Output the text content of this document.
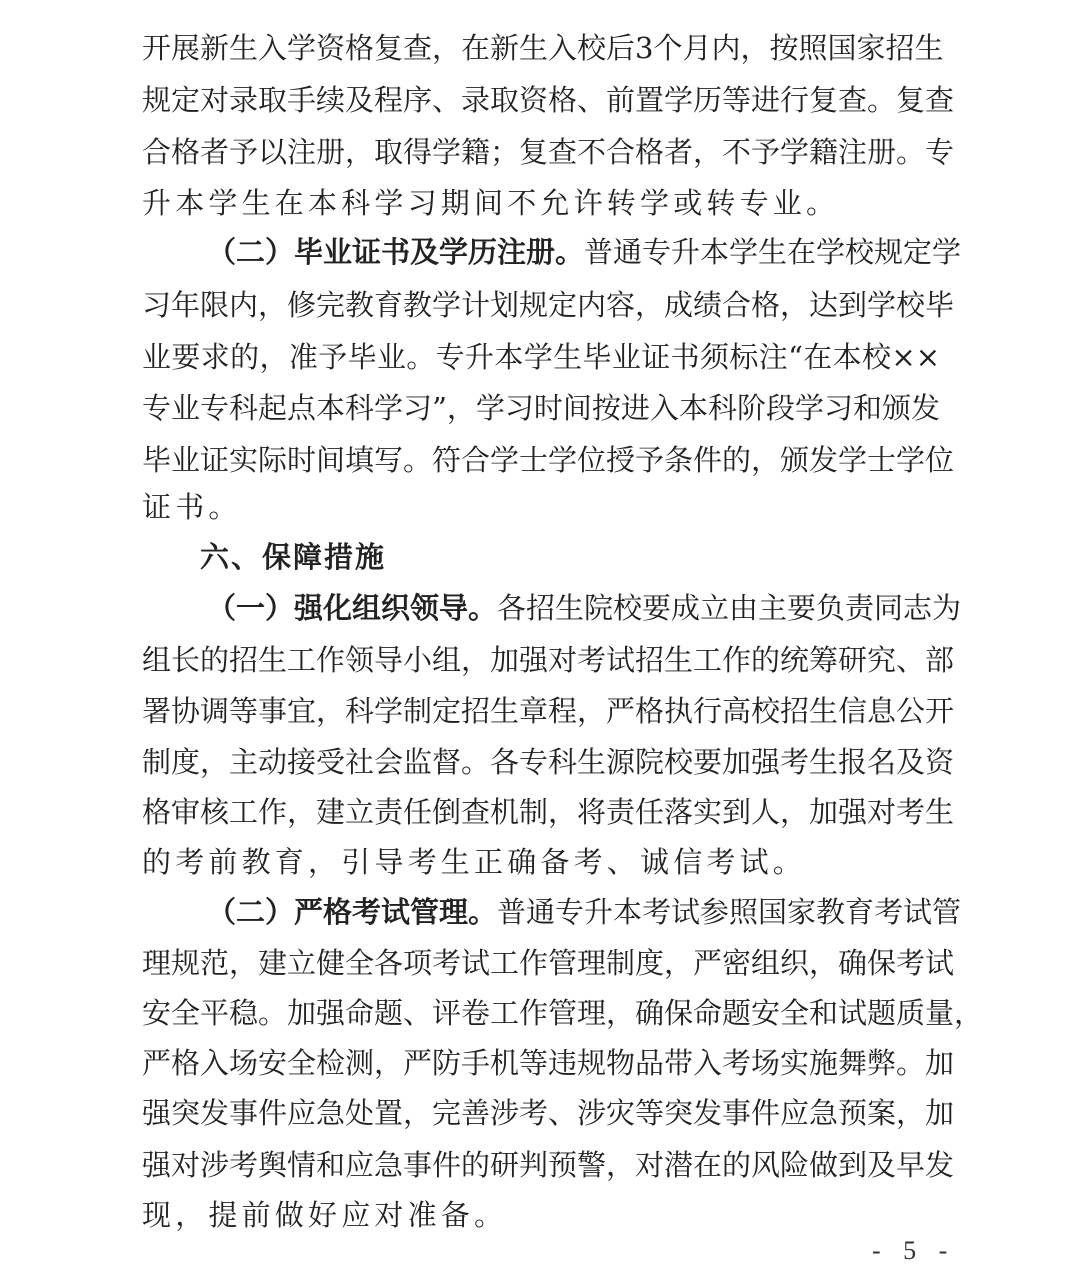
开展新生入学资格复查，在新生入校后3个月内，按照国家招生
规定对录取手续及程序、录取资格、前置学历等进行复查。复查
合格者予以注册，取得学籍；复查不合格者，不予学籍注册。专
升本学生在本科学习期间不允许转学或转专业。
（二）毕业证书及学历注册。普通专升本学生在学校规定学
习年限内，修完教育教学计划规定内容，成绩合格，达到学校毕
业要求的，准予毕业。专升本学生毕业证书须标注“在本校××
专业专科起点本科学习”，学习时间按进入本科阶段学习和颁发
毕业证实际时间填写。符合学士学位授予条件的，颁发学士学位
证书。
六、保障措施
（一）强化组织领导。各招生院校要成立由主要负责同志为
组长的招生工作领导小组，加强对考试招生工作的统筹研究、部
署协调等事宜，科学制定招生章程，严格执行高校招生信息公开
制度，主动接受社会监督。各专科生源院校要加强考生报名及资
格审核工作，建立责任倒查机制，将责任落实到人，加强对考生
的考前教育，引导考生正确备考、诚信考试。
（二）严格考试管理。普通专升本考试参照国家教育考试管
理规范，建立健全各项考试工作管理制度，严密组织，确保考试
安全平稳。加强命题、评卷工作管理，确保命题安全和试题质量，
严格入场安全检测，严防手机等违规物品带入考场实施舞弊。加
强突发事件应急处置，完善涉考、涉灾等突发事件应急预案，加
强对涉考舆情和应急事件的研判预警，对潜在的风险做到及早发
现，提前做好应对准备。
- 5 -
